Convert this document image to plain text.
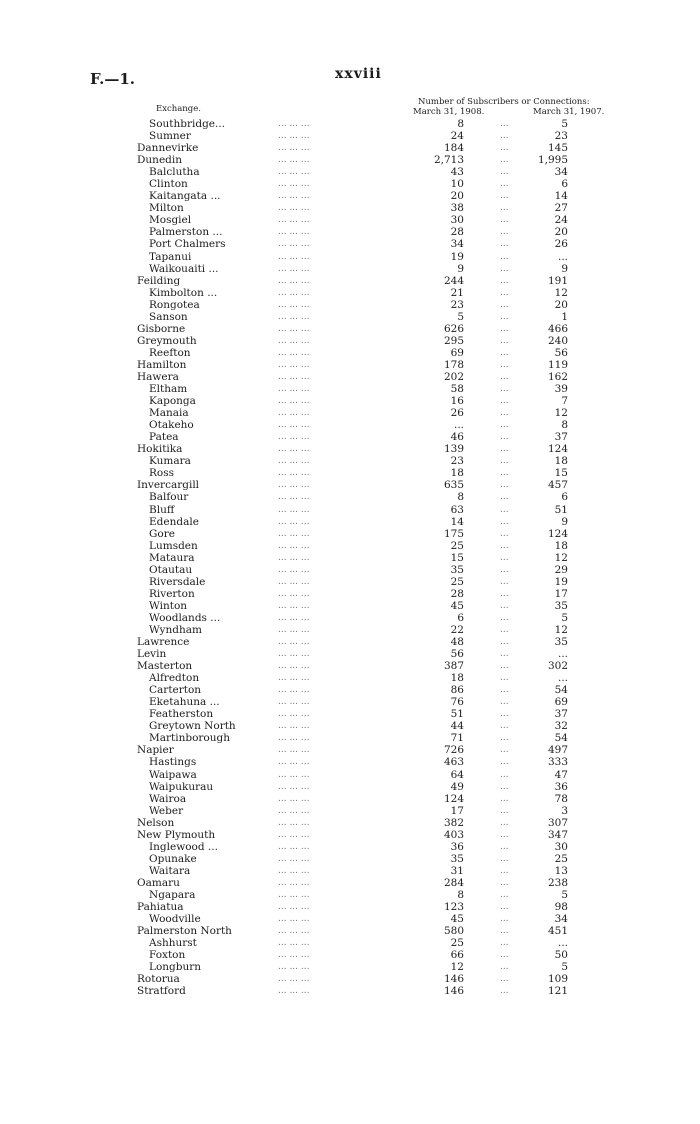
F.—1.	xxviii
Exchange.
Number of Subscribers or Connections:
March 31, 1908.	March 31, 1907.
Southbridge...	... ... ...	8	...	5
Sumner	... ... ...	24	...	23
Dannevirke	... ... ...	184	...	145
Dunedin	... ... ...	2,713	...	1,995
Balclutha	... ... ...	43	...	34
Clinton	... ... ...	10	...	6
Kaitangata ...	... ... ...	20	...	14
Milton	... ... ...	38	...	27
Mosgiel	... ... ...	30	...	24
Palmerston ...	... ... ...	28	...	20
Port Chalmers	... ... ...	34	...	26
Tapanui	... ... ...	19	...	...
Waikouaiti ...	... ... ...	9	...	9
Feilding	... ... ...	244	...	191
Kimbolton ...	... ... ...	21	...	12
Rongotea	... ... ...	23	...	20
Sanson	... ... ...	5	...	1
Gisborne	... ... ...	626	...	466
Greymouth	... ... ...	295	...	240
Reefton	... ... ...	69	...	56
Hamilton	... ... ...	178	...	119
Hawera	... ... ...	202	...	162
Eltham	... ... ...	58	...	39
Kaponga	... ... ...	16	...	7
Manaia	... ... ...	26	...	12
Otakeho	... ... ...	...	...	8
Patea	... ... ...	46	...	37
Hokitika	... ... ...	139	...	124
Kumara	... ... ...	23	...	18
Ross	... ... ...	18	...	15
Invercargill	... ... ...	635	...	457
Balfour	... ... ...	8	...	6
Bluff	... ... ...	63	...	51
Edendale	... ... ...	14	...	9
Gore	... ... ...	175	...	124
Lumsden	... ... ...	25	...	18
Mataura	... ... ...	15	...	12
Otautau	... ... ...	35	...	29
Riversdale	... ... ...	25	...	19
Riverton	... ... ...	28	...	17
Winton	... ... ...	45	...	35
Woodlands ...	... ... ...	6	...	5
Wyndham	... ... ...	22	...	12
Lawrence	... ... ...	48	...	35
Levin	... ... ...	56	...	...
Masterton	... ... ...	387	...	302
Alfredton	... ... ...	18	...	...
Carterton	... ... ...	86	...	54
Eketahuna ...	... ... ...	76	...	69
Featherston	... ... ...	51	...	37
Greytown North	... ... ...	44	...	32
Martinborough	... ... ...	71	...	54
Napier	... ... ...	726	...	497
Hastings	... ... ...	463	...	333
Waipawa	... ... ...	64	...	47
Waipukurau	... ... ...	49	...	36
Wairoa	... ... ...	124	...	78
Weber	... ... ...	17	...	3
Nelson	... ... ...	382	...	307
New Plymouth	... ... ...	403	...	347
Inglewood ...	... ... ...	36	...	30
Opunake	... ... ...	35	...	25
Waitara	... ... ...	31	...	13
Oamaru	... ... ...	284	...	238
Ngapara	... ... ...	8	...	5
Pahiatua	... ... ...	123	...	98
Woodville	... ... ...	45	...	34
Palmerston North	... ... ...	580	...	451
Ashhurst	... ... ...	25	...	...
Foxton	... ... ...	66	...	50
Longburn	... ... ...	12	...	5
Rotorua	... ... ...	146	...	109
Stratford	... ... ...	146	...	121
